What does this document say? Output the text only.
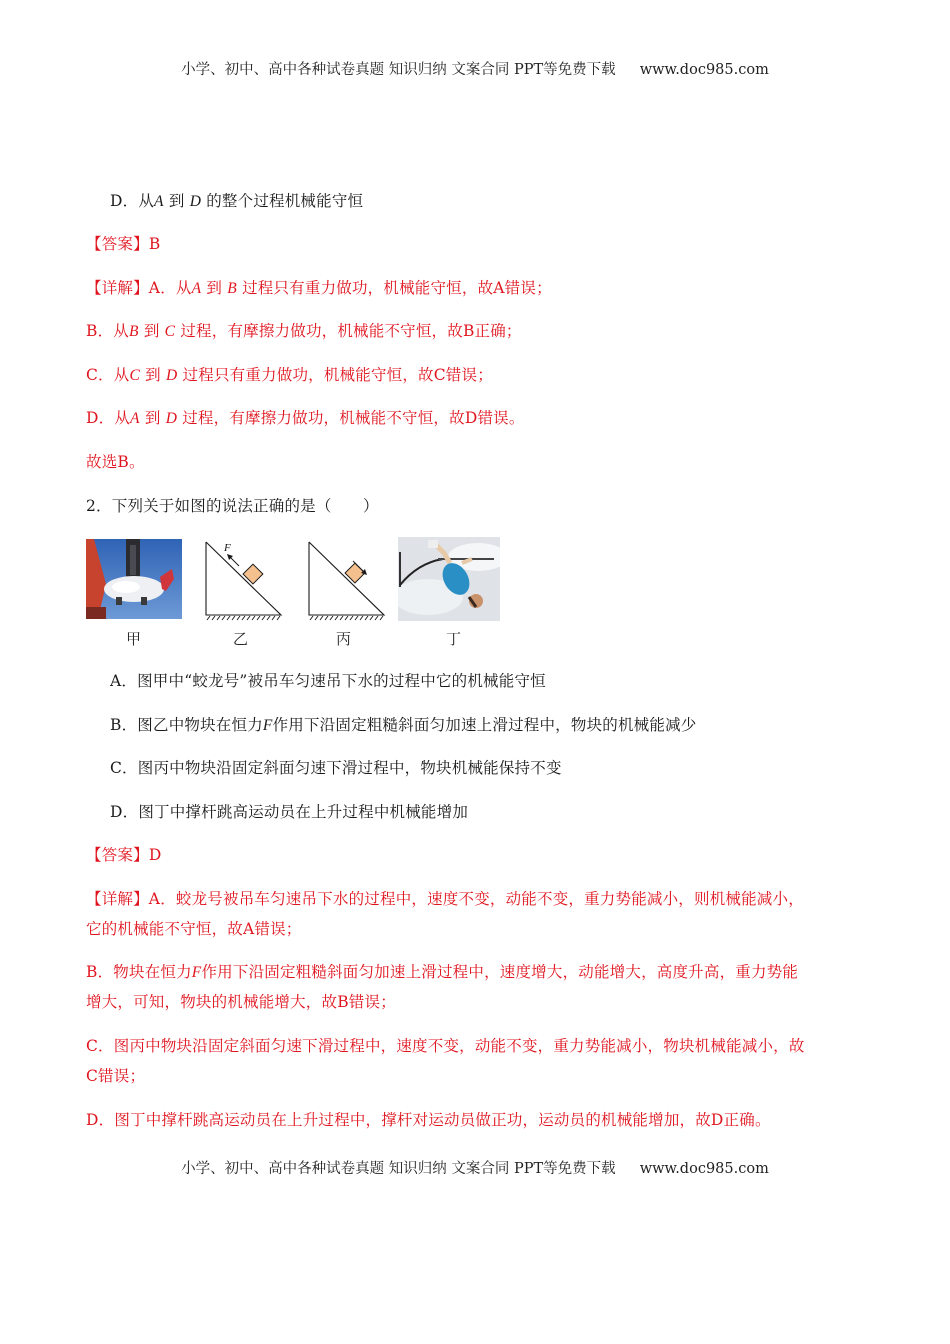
小学、初中、高中各种试卷真题 知识归纳 文案合同 PPT等免费下载 www.doc985.com
D．从A 到 D 的整个过程机械能守恒
【答案】B
【详解】A．从A 到 B 过程只有重力做功，机械能守恒，故A错误；
B．从B 到 C 过程，有摩擦力做功，机械能不守恒，故B正确；
C．从C 到 D 过程只有重力做功，机械能守恒，故C错误；
D．从A 到 D 过程，有摩擦力做功，机械能不守恒，故D错误。
故选B。
2．下列关于如图的说法正确的是（　　）
甲
F
乙	丙	丁
A．图甲中“蛟龙号”被吊车匀速吊下水的过程中它的机械能守恒
B．图乙中物块在恒力F作用下沿固定粗糙斜面匀加速上滑过程中，物块的机械能减少
C．图丙中物块沿固定斜面匀速下滑过程中，物块机械能保持不变
D．图丁中撑杆跳高运动员在上升过程中机械能增加
【答案】D
【详解】A．蛟龙号被吊车匀速吊下水的过程中，速度不变，动能不变，重力势能减小，则机械能减小，
它的机械能不守恒，故A错误；
B．物块在恒力F作用下沿固定粗糙斜面匀加速上滑过程中，速度增大，动能增大，高度升高，重力势能
增大，可知，物块的机械能增大，故B错误；
C．图丙中物块沿固定斜面匀速下滑过程中，速度不变，动能不变，重力势能减小，物块机械能减小，故
C错误；
D．图丁中撑杆跳高运动员在上升过程中，撑杆对运动员做正功，运动员的机械能增加，故D正确。
小学、初中、高中各种试卷真题 知识归纳 文案合同 PPT等免费下载 www.doc985.com
